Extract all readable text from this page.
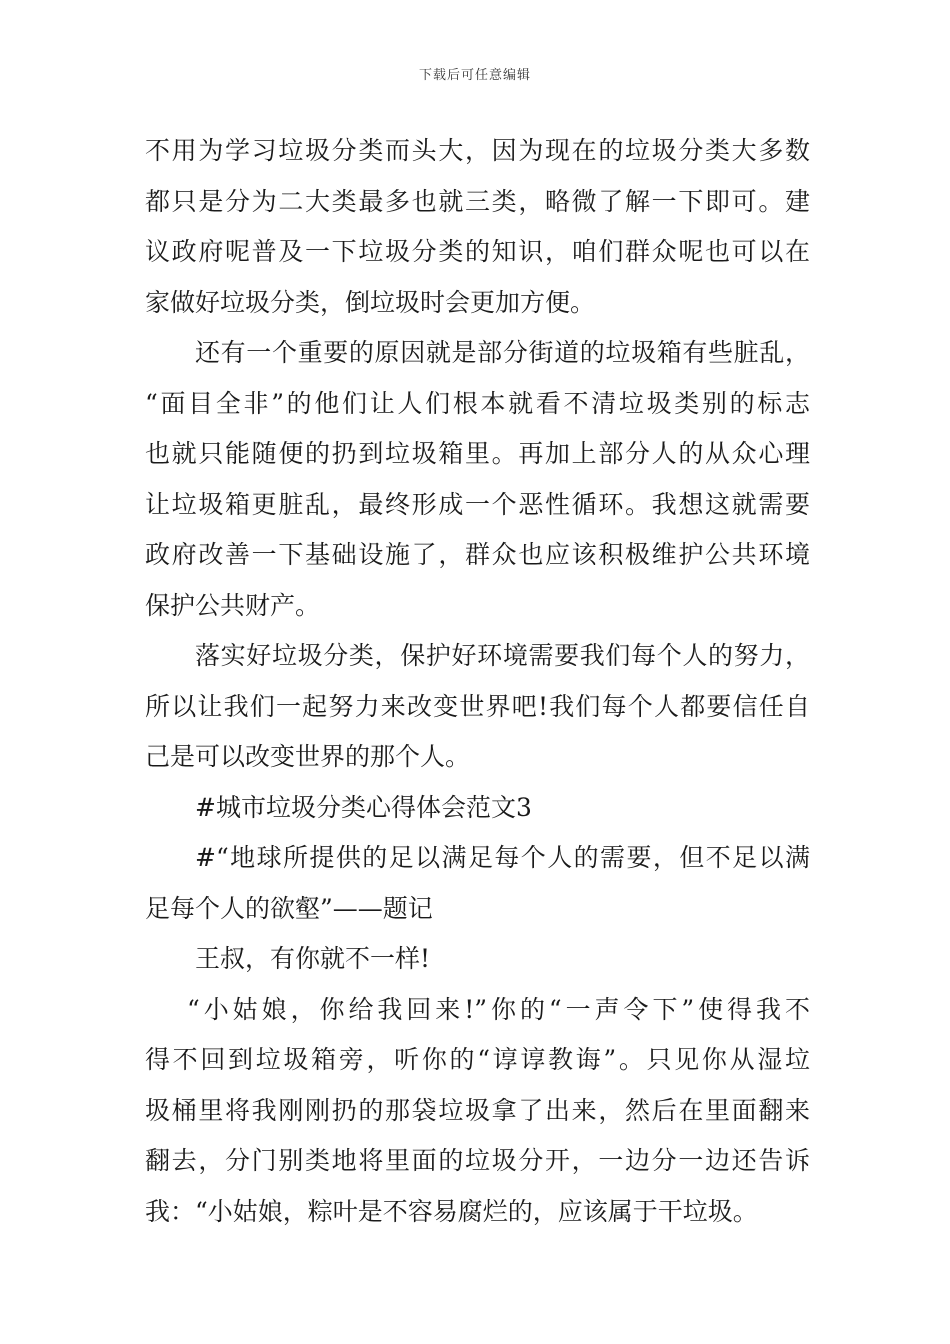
下载后可任意编辑
不用为学习垃圾分类而头大，因为现在的垃圾分类大多数
都只是分为二大类最多也就三类，略微了解一下即可。建
议政府呢普及一下垃圾分类的知识，咱们群众呢也可以在
家做好垃圾分类，倒垃圾时会更加方便。
还有一个重要的原因就是部分街道的垃圾箱有些脏乱，
“面目全非”的他们让人们根本就看不清垃圾类别的标志
也就只能随便的扔到垃圾箱里。再加上部分人的从众心理
让垃圾箱更脏乱，最终形成一个恶性循环。我想这就需要
政府改善一下基础设施了，群众也应该积极维护公共环境
保护公共财产。
落实好垃圾分类，保护好环境需要我们每个人的努力，
所以让我们一起努力来改变世界吧!我们每个人都要信任自
己是可以改变世界的那个人。
#城市垃圾分类心得体会范文3
#“地球所提供的足以满足每个人的需要，但不足以满
足每个人的欲壑”——题记
王叔，有你就不一样!
“小姑娘，你给我回来!”你的“一声令下”使得我不
得不回到垃圾箱旁，听你的“谆谆教诲”。只见你从湿垃
圾桶里将我刚刚扔的那袋垃圾拿了出来，然后在里面翻来
翻去，分门别类地将里面的垃圾分开，一边分一边还告诉
我：“小姑娘，粽叶是不容易腐烂的，应该属于干垃圾。
